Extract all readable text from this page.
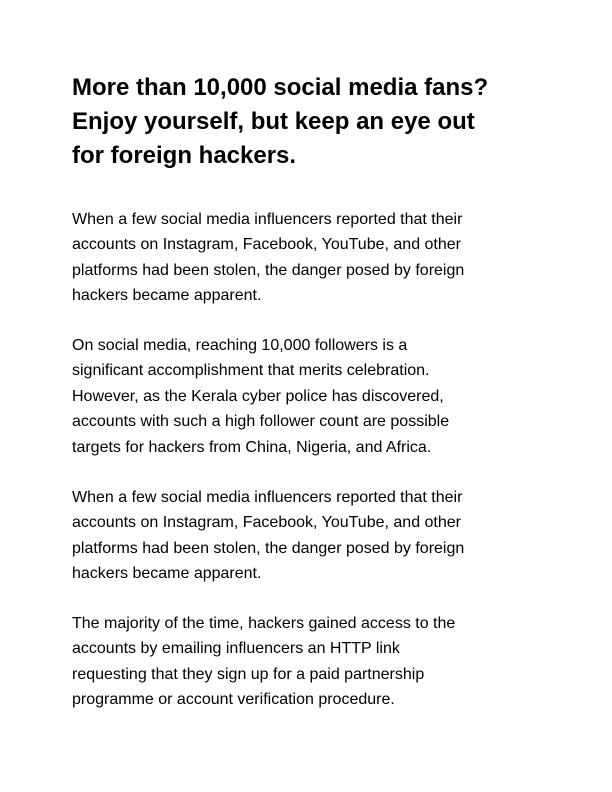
More than 10,000 social media fans?
Enjoy yourself, but keep an eye out
for foreign hackers.

When a few social media influencers reported that their
accounts on Instagram, Facebook, YouTube, and other
platforms had been stolen, the danger posed by foreign
hackers became apparent.

On social media, reaching 10,000 followers is a
significant accomplishment that merits celebration.
However, as the Kerala cyber police has discovered,
accounts with such a high follower count are possible
targets for hackers from China, Nigeria, and Africa.

When a few social media influencers reported that their
accounts on Instagram, Facebook, YouTube, and other
platforms had been stolen, the danger posed by foreign
hackers became apparent.

The majority of the time, hackers gained access to the
accounts by emailing influencers an HTTP link
requesting that they sign up for a paid partnership
programme or account verification procedure.
